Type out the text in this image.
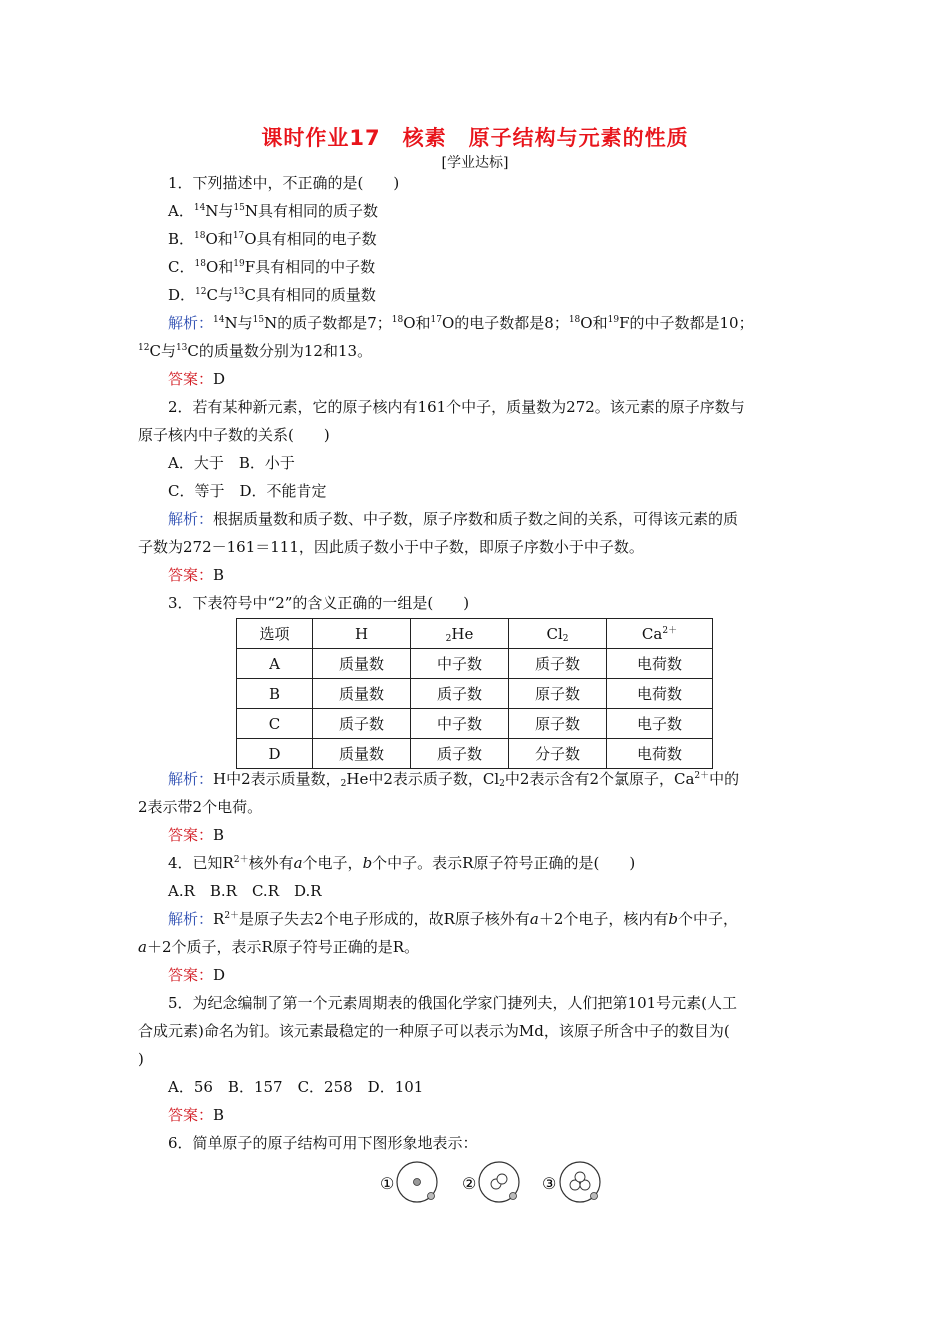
课时作业17　核素　原子结构与元素的性质
[学业达标]
1．下列描述中，不正确的是(　　)
A．$^{14}$N与$^{15}$N具有相同的质子数
B．$^{18}$O和$^{17}$O具有相同的电子数
C．$^{18}$O和$^{19}$F具有相同的中子数
D．$^{12}$C与$^{13}$C具有相同的质量数
解析：$^{14}$N与$^{15}$N的质子数都是7；$^{18}$O和$^{17}$O的电子数都是8；$^{18}$O和$^{19}$F的中子数都是10；
$^{12}$C与$^{13}$C的质量数分别为12和13。
答案：D
2．若有某种新元素，它的原子核内有161个中子，质量数为272。该元素的原子序数与
原子核内中子数的关系(　　)
A．大于　B．小于
C．等于　D．不能肯定
解析：根据质量数和质子数、中子数，原子序数和质子数之间的关系，可得该元素的质
子数为272－161＝111，因此质子数小于中子数，即原子序数小于中子数。
答案：B
3．下表符号中“2”的含义正确的一组是(　　)
选项	H	$_2$He	$Cl_2$	$Ca^{2+}$
A	质量数	中子数	质子数	电荷数
B	质量数	质子数	原子数	电荷数
C	质子数	中子数	原子数	电子数
D	质量数	质子数	分子数	电荷数
解析：H中2表示质量数，$_2$He中2表示质子数，$Cl_2$中2表示含有2个氯原子，$Ca^{2+}$中的
2表示带2个电荷。
答案：B
4．已知$R^{2+}$核外有a个电子，b个中子。表示R原子符号正确的是(　　)
A.R　B.R　C.R　D.R
解析：$R^{2+}$是原子失去2个电子形成的，故R原子核外有a＋2个电子，核内有b个中子，
a＋2个质子，表示R原子符号正确的是R。
答案：D
5．为纪念编制了第一个元素周期表的俄国化学家门捷列夫，人们把第101号元素(人工
合成元素)命名为钔。该元素最稳定的一种原子可以表示为Md，该原子所含中子的数目为(
)
A．56　B．157　C．258　D．101
答案：B
6．简单原子的原子结构可用下图形象地表示：
①	②	③
